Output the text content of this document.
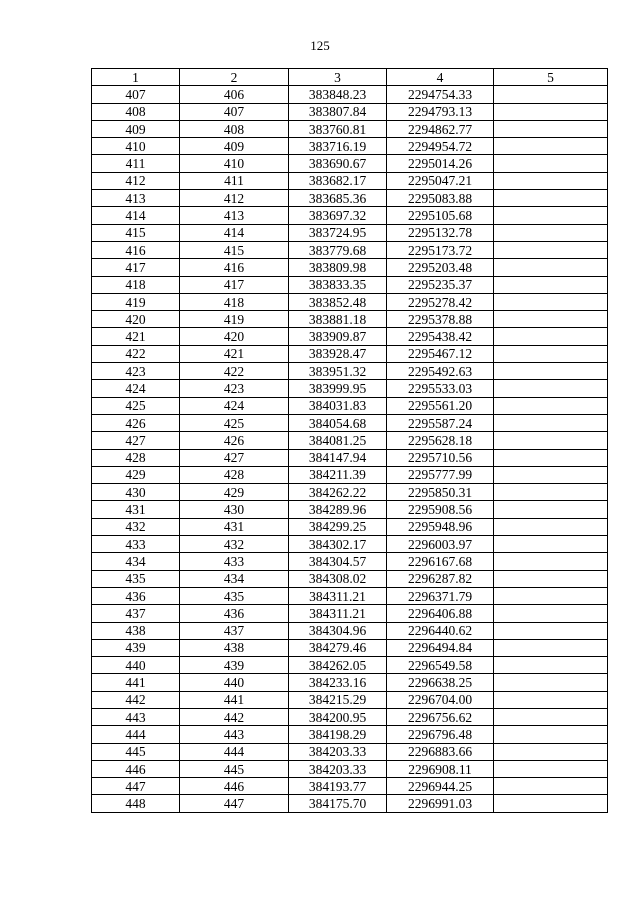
125
1	2	3	4	5
407	406	383848.23	2294754.33	
408	407	383807.84	2294793.13	
409	408	383760.81	2294862.77	
410	409	383716.19	2294954.72	
411	410	383690.67	2295014.26	
412	411	383682.17	2295047.21	
413	412	383685.36	2295083.88	
414	413	383697.32	2295105.68	
415	414	383724.95	2295132.78	
416	415	383779.68	2295173.72	
417	416	383809.98	2295203.48	
418	417	383833.35	2295235.37	
419	418	383852.48	2295278.42	
420	419	383881.18	2295378.88	
421	420	383909.87	2295438.42	
422	421	383928.47	2295467.12	
423	422	383951.32	2295492.63	
424	423	383999.95	2295533.03	
425	424	384031.83	2295561.20	
426	425	384054.68	2295587.24	
427	426	384081.25	2295628.18	
428	427	384147.94	2295710.56	
429	428	384211.39	2295777.99	
430	429	384262.22	2295850.31	
431	430	384289.96	2295908.56	
432	431	384299.25	2295948.96	
433	432	384302.17	2296003.97	
434	433	384304.57	2296167.68	
435	434	384308.02	2296287.82	
436	435	384311.21	2296371.79	
437	436	384311.21	2296406.88	
438	437	384304.96	2296440.62	
439	438	384279.46	2296494.84	
440	439	384262.05	2296549.58	
441	440	384233.16	2296638.25	
442	441	384215.29	2296704.00	
443	442	384200.95	2296756.62	
444	443	384198.29	2296796.48	
445	444	384203.33	2296883.66	
446	445	384203.33	2296908.11	
447	446	384193.77	2296944.25	
448	447	384175.70	2296991.03	
